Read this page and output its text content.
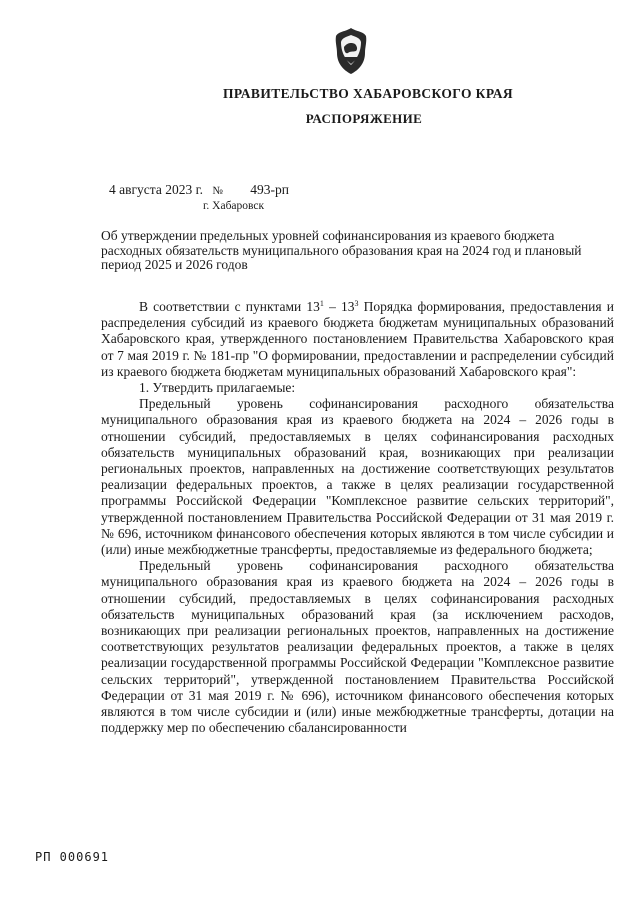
ПРАВИТЕЛЬСТВО ХАБАРОВСКОГО КРАЯ
РАСПОРЯЖЕНИЕ
4 августа 2023 г. № 493-рп
г. Хабаровск
Об утверждении предельных уровней софинансирования из краевого бюджета расходных обязательств муниципального образования края на 2024 год и плановый период 2025 и 2026 годов

В соответствии с пунктами $13^1 - 13^3$ Порядка формирования, предоставления и распределения субсидий из краевого бюджета бюджетам муниципальных образований Хабаровского края, утвержденного постановлением Правительства Хабаровского края от 7 мая 2019 г. № 181-пр "О формировании, предоставлении и распределении субсидий из краевого бюджета бюджетам муниципальных образований Хабаровского края":

1. Утвердить прилагаемые:

Предельный уровень софинансирования расходного обязательства муниципального образования края из краевого бюджета на 2024 – 2026 годы в отношении субсидий, предоставляемых в целях софинансирования расходных обязательств муниципальных образований края, возникающих при реализации региональных проектов, направленных на достижение соответствующих результатов реализации федеральных проектов, а также в целях реализации государственной программы Российской Федерации "Комплексное развитие сельских территорий", утвержденной постановлением Правительства Российской Федерации от 31 мая 2019 г. № 696, источником финансового обеспечения которых являются в том числе субсидии и (или) иные межбюджетные трансферты, предоставляемые из федерального бюджета;

Предельный уровень софинансирования расходного обязательства муниципального образования края из краевого бюджета на 2024 – 2026 годы в отношении субсидий, предоставляемых в целях софинансирования расходных обязательств муниципальных образований края (за исключением расходов, возникающих при реализации региональных проектов, направленных на достижение соответствующих результатов реализации федеральных проектов, а также в целях реализации государственной программы Российской Федерации "Комплексное развитие сельских территорий", утвержденной постановлением Правительства Российской Федерации от 31 мая 2019 г. № 696), источником финансового обеспечения которых являются в том числе субсидии и (или) иные межбюджетные трансферты, дотации на поддержку мер по обеспечению сбалансированности

РП 000691
